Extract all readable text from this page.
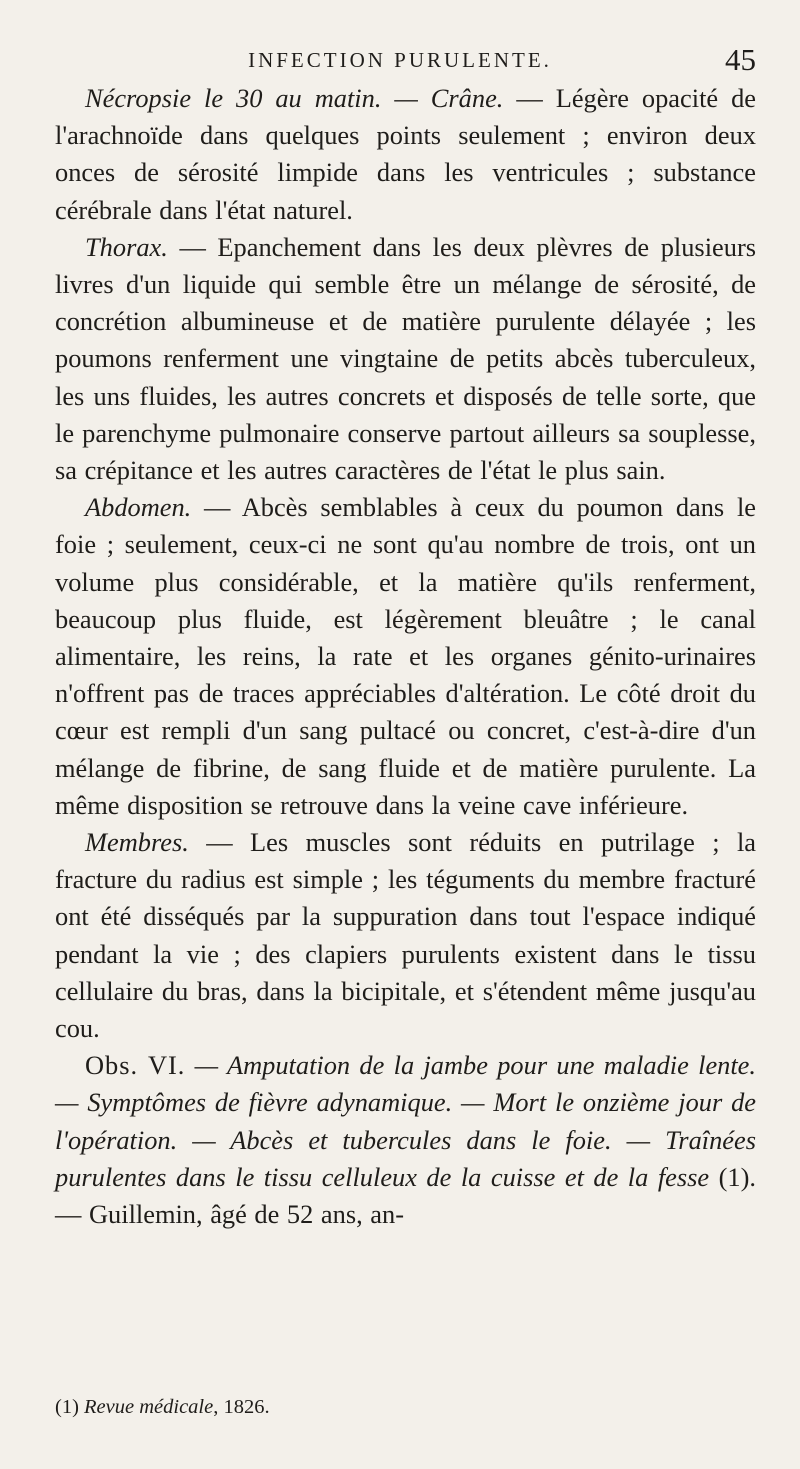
INFECTION PURULENTE.	45

Nécropsie le 30 au matin. — Crâne. — Légère opacité de l'arachnoïde dans quelques points seulement ; environ deux onces de sérosité limpide dans les ventricules ; substance cérébrale dans l'état naturel.

Thorax. — Epanchement dans les deux plèvres de plusieurs livres d'un liquide qui semble être un mélange de sérosité, de concrétion albumineuse et de matière purulente délayée ; les poumons renferment une vingtaine de petits abcès tuberculeux, les uns fluides, les autres concrets et disposés de telle sorte, que le parenchyme pulmonaire conserve partout ailleurs sa souplesse, sa crépitance et les autres caractères de l'état le plus sain.

Abdomen. — Abcès semblables à ceux du poumon dans le foie ; seulement, ceux-ci ne sont qu'au nombre de trois, ont un volume plus considérable, et la matière qu'ils renferment, beaucoup plus fluide, est légèrement bleuâtre ; le canal alimentaire, les reins, la rate et les organes génito-urinaires n'offrent pas de traces appréciables d'altération. Le côté droit du cœur est rempli d'un sang pultacé ou concret, c'est-à-dire d'un mélange de fibrine, de sang fluide et de matière purulente. La même disposition se retrouve dans la veine cave inférieure.

Membres. — Les muscles sont réduits en putrilage ; la fracture du radius est simple ; les téguments du membre fracturé ont été disséqués par la suppuration dans tout l'espace indiqué pendant la vie ; des clapiers purulents existent dans le tissu cellulaire du bras, dans la bicipitale, et s'étendent même jusqu'au cou.

Obs. VI. — Amputation de la jambe pour une maladie lente. — Symptômes de fièvre adynamique. — Mort le onzième jour de l'opération. — Abcès et tubercules dans le foie. — Traînées purulentes dans le tissu celluleux de la cuisse et de la fesse (1). — Guillemin, âgé de 52 ans, an-

(1) Revue médicale, 1826.
